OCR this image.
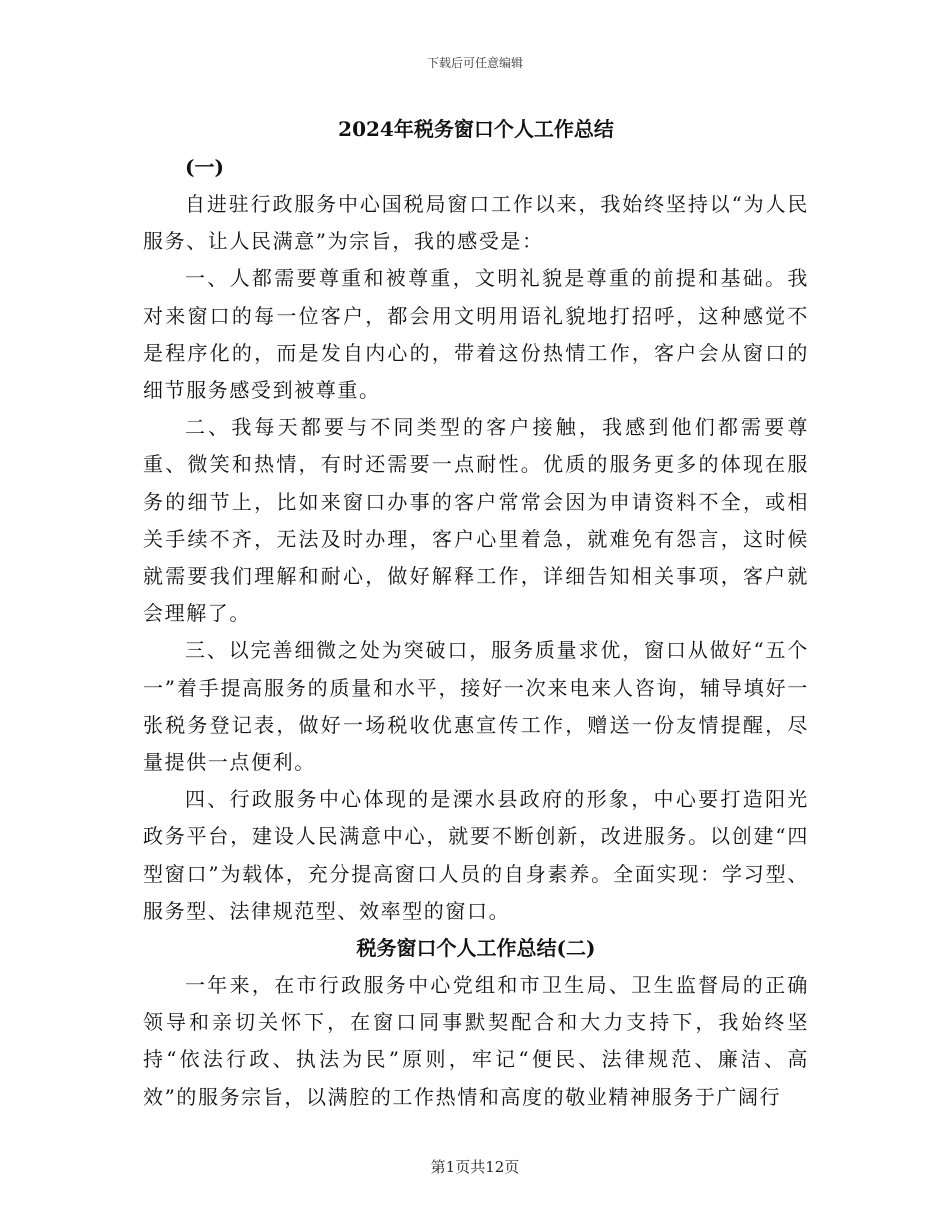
下载后可任意编辑
2024年税务窗口个人工作总结

(一)

自进驻行政服务中心国税局窗口工作以来，我始终坚持以“为人民服务、让人民满意”为宗旨，我的感受是：

一、人都需要尊重和被尊重，文明礼貌是尊重的前提和基础。我对来窗口的每一位客户，都会用文明用语礼貌地打招呼，这种感觉不是程序化的，而是发自内心的，带着这份热情工作，客户会从窗口的细节服务感受到被尊重。

二、我每天都要与不同类型的客户接触，我感到他们都需要尊重、微笑和热情，有时还需要一点耐性。优质的服务更多的体现在服务的细节上，比如来窗口办事的客户常常会因为申请资料不全，或相关手续不齐，无法及时办理，客户心里着急，就难免有怨言，这时候就需要我们理解和耐心，做好解释工作，详细告知相关事项，客户就会理解了。

三、以完善细微之处为突破口，服务质量求优，窗口从做好“五个一”着手提高服务的质量和水平，接好一次来电来人咨询，辅导填好一张税务登记表，做好一场税收优惠宣传工作，赠送一份友情提醒，尽量提供一点便利。

四、行政服务中心体现的是溧水县政府的形象，中心要打造阳光政务平台，建设人民满意中心，就要不断创新，改进服务。以创建“四型窗口”为载体，充分提高窗口人员的自身素养。全面实现：学习型、服务型、法律规范型、效率型的窗口。

税务窗口个人工作总结(二)

一年来，在市行政服务中心党组和市卫生局、卫生监督局的正确领导和亲切关怀下，在窗口同事默契配合和大力支持下，我始终坚持“依法行政、执法为民”原则，牢记“便民、法律规范、廉洁、高效”的服务宗旨，以满腔的工作热情和高度的敬业精神服务于广阔行

第1页共12页
